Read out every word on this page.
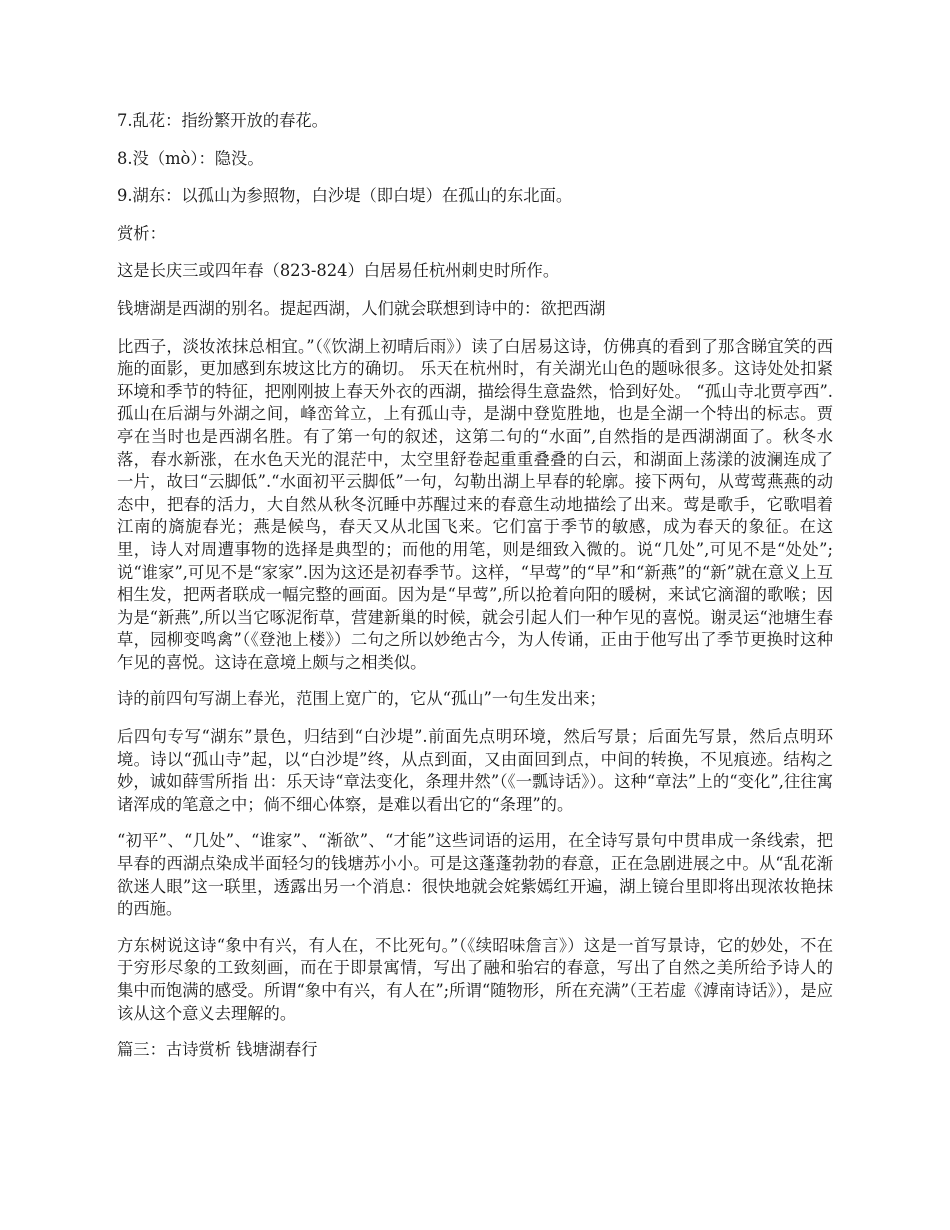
7.乱花：指纷繁开放的春花。

8.没（mò）：隐没。

9.湖东：以孤山为参照物，白沙堤（即白堤）在孤山的东北面。

赏析：

这是长庆三或四年春（823-824）白居易任杭州刺史时所作。

钱塘湖是西湖的别名。提起西湖，人们就会联想到诗中的：欲把西湖

比西子，淡妆浓抹总相宜。”（《饮湖上初晴后雨》）读了白居易这诗，仿佛真的看到了那含睇宜笑的西施的面影，更加感到东坡这比方的确切。 乐天在杭州时，有关湖光山色的题咏很多。这诗处处扣紧环境和季节的特征，把刚刚披上春天外衣的西湖，描绘得生意盎然，恰到好处。 “孤山寺北贾亭西”.孤山在后湖与外湖之间，峰峦耸立，上有孤山寺，是湖中登览胜地，也是全湖一个特出的标志。贾亭在当时也是西湖名胜。有了第一句的叙述，这第二句的“水面”,自然指的是西湖湖面了。秋冬水落，春水新涨，在水色天光的混茫中，太空里舒卷起重重叠叠的白云，和湖面上荡漾的波澜连成了一片，故曰“云脚低”.“水面初平云脚低”一句，勾勒出湖上早春的轮廓。接下两句，从莺莺燕燕的动态中，把春的活力，大自然从秋冬沉睡中苏醒过来的春意生动地描绘了出来。莺是歌手，它歌唱着江南的旖旎春光；燕是候鸟，春天又从北国飞来。它们富于季节的敏感，成为春天的象征。在这里，诗人对周遭事物的选择是典型的；而他的用笔，则是细致入微的。说“几处”,可见不是“处处”;说“谁家”,可见不是“家家”.因为这还是初春季节。这样，“早莺”的“早”和“新燕”的“新”就在意义上互相生发，把两者联成一幅完整的画面。因为是“早莺”,所以抢着向阳的暖树，来试它滴溜的歌喉；因为是“新燕”,所以当它啄泥衔草，营建新巢的时候，就会引起人们一种乍见的喜悦。谢灵运“池塘生春草，园柳变鸣禽”（《登池上楼》）二句之所以妙绝古今，为人传诵，正由于他写出了季节更换时这种乍见的喜悦。这诗在意境上颇与之相类似。

诗的前四句写湖上春光，范围上宽广的，它从“孤山”一句生发出来；

后四句专写“湖东”景色，归结到“白沙堤”.前面先点明环境，然后写景；后面先写景，然后点明环境。诗以“孤山寺”起，以“白沙堤”终，从点到面，又由面回到点，中间的转换，不见痕迹。结构之妙，诚如薛雪所指 出：乐天诗“章法变化，条理井然”（《一瓢诗话》）。这种“章法”上的“变化”,往往寓诸浑成的笔意之中；倘不细心体察，是难以看出它的“条理”的。

“初平”、“几处”、“谁家”、“渐欲”、“才能”这些词语的运用，在全诗写景句中贯串成一条线索，把早春的西湖点染成半面轻匀的钱塘苏小小。可是这蓬蓬勃勃的春意，正在急剧进展之中。从“乱花渐欲迷人眼”这一联里，透露出另一个消息：很快地就会姹紫嫣红开遍，湖上镜台里即将出现浓妆艳抹的西施。

方东树说这诗“象中有兴，有人在，不比死句。”（《续昭味詹言》）这是一首写景诗，它的妙处，不在于穷形尽象的工致刻画，而在于即景寓情，写出了融和骀宕的春意，写出了自然之美所给予诗人的集中而饱满的感受。所谓“象中有兴，有人在”;所谓“随物形，所在充满”（王若虚《滹南诗话》），是应该从这个意义去理解的。

篇三：古诗赏析 钱塘湖春行
